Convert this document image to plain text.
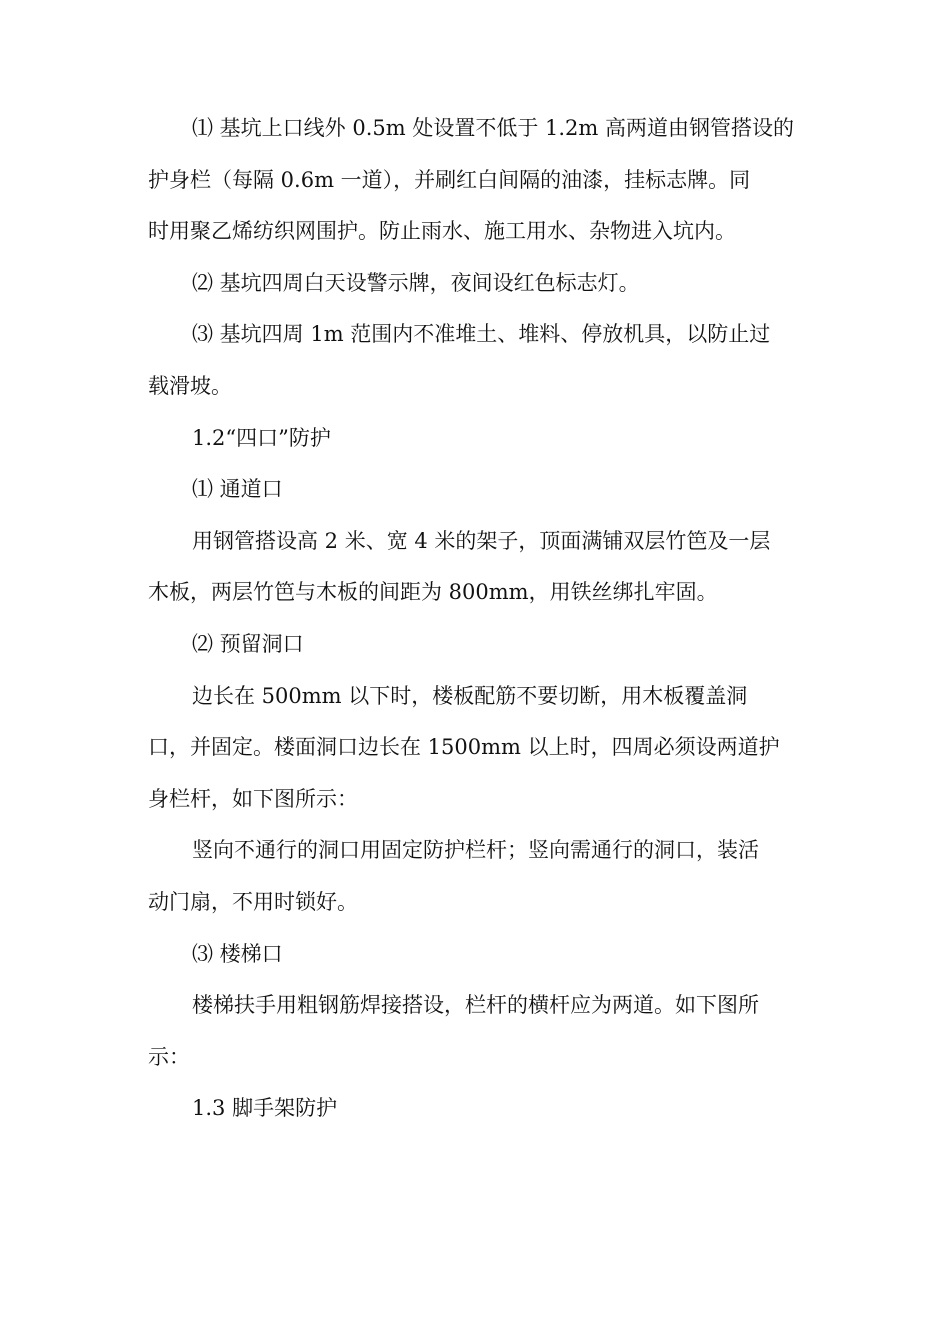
⑴ 基坑上口线外 0.5m 处设置不低于 1.2m 高两道由钢管搭设的
护身栏（每隔 0.6m 一道），并刷红白间隔的油漆，挂标志牌。同
时用聚乙烯纺织网围护。防止雨水、施工用水、杂物进入坑内。
⑵ 基坑四周白天设警示牌，夜间设红色标志灯。
⑶ 基坑四周 1m 范围内不准堆土、堆料、停放机具，以防止过
载滑坡。
1.2“四口”防护
⑴ 通道口
用钢管搭设高 2 米、宽 4 米的架子，顶面满铺双层竹笆及一层
木板，两层竹笆与木板的间距为 800mm，用铁丝绑扎牢固。
⑵ 预留洞口
边长在 500mm 以下时，楼板配筋不要切断，用木板覆盖洞
口，并固定。楼面洞口边长在 1500mm 以上时，四周必须设两道护
身栏杆，如下图所示：
竖向不通行的洞口用固定防护栏杆；竖向需通行的洞口，装活
动门扇，不用时锁好。
⑶ 楼梯口
楼梯扶手用粗钢筋焊接搭设，栏杆的横杆应为两道。如下图所
示：
1.3 脚手架防护
